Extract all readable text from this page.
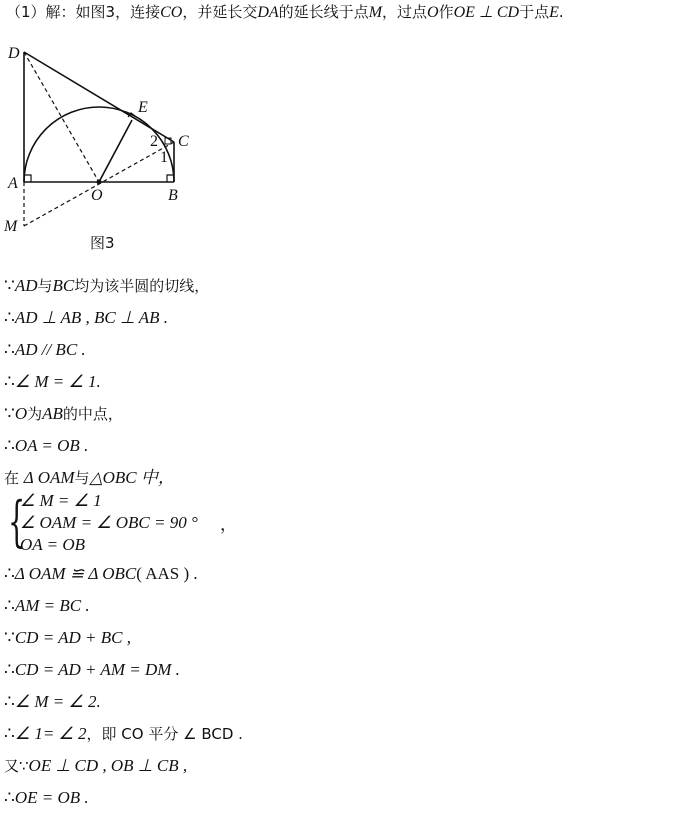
（1）解：如图3，连接CO，并延长交DA的延长线于点M，过点O作OE ⊥ CD于点E.
D
A
M
O	B
C
E
2
1
图3
∵AD与BC均为该半圆的切线，
∴AD ⊥ AB , BC ⊥ AB .
∴AD // BC .
∴∠ M = ∠ 1.
∵O为AB的中点，
∴OA = OB .
在 Δ OAM与△OBC 中，
{
∠ M = ∠ 1
∠ OAM = ∠ OBC = 90 °
OA = OB
，
∴Δ OAM ≌ Δ OBC( AAS ) .
∴AM = BC .
∵CD = AD + BC ,
∴CD = AD + AM = DM .
∴∠ M = ∠ 2.
∴∠ 1= ∠ 2，即 CO 平分 ∠ BCD .
又∵OE ⊥ CD , OB ⊥ CB ,
∴OE = OB .
